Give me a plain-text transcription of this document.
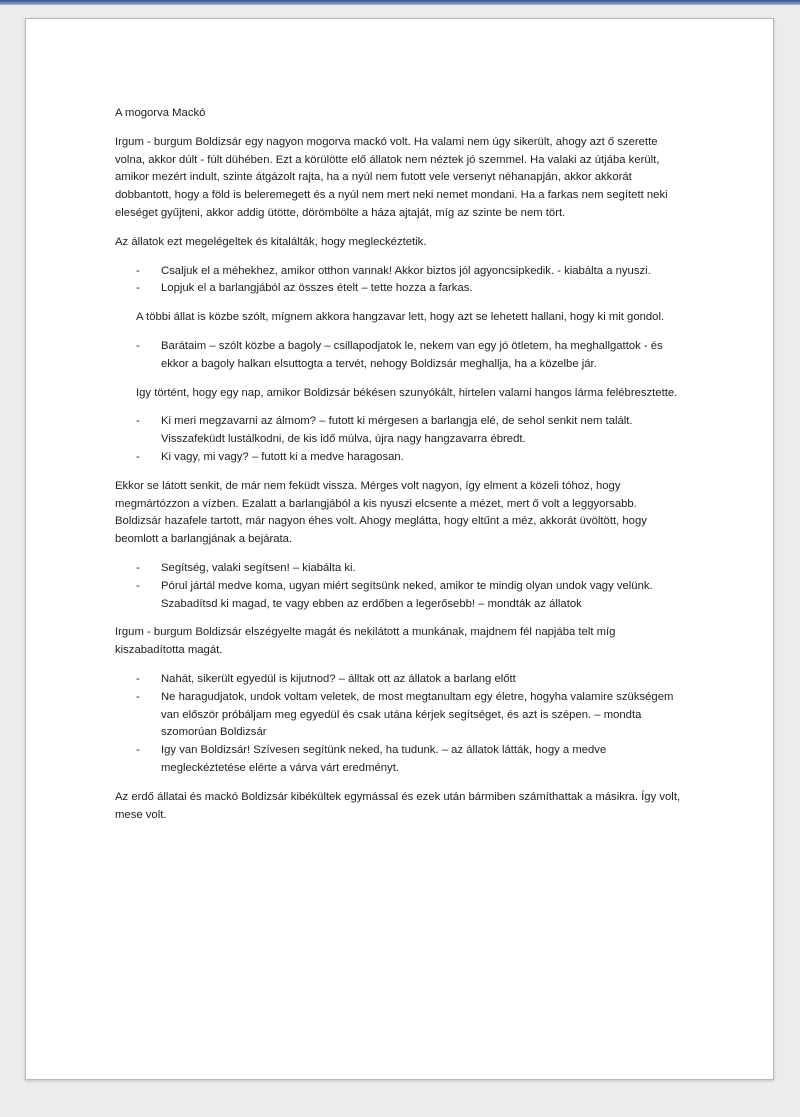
A mogorva Mackó

Irgum - burgum Boldizsár egy nagyon mogorva mackó volt. Ha valami nem úgy sikerült, ahogy azt ő szerette volna, akkor dúlt - fúlt dühében. Ezt a körülötte elő állatok nem néztek jó szemmel. Ha valaki az útjába került, amikor mezért indult, szinte átgázolt rajta, ha a nyúl nem futott vele versenyt néhanapján, akkor akkorát dobbantott, hogy a föld is beleremegett és a nyúl nem mert neki nemet mondani. Ha a farkas nem segített neki eleséget gyűjteni, akkor addig ütötte, dörömbölte a háza ajtaját, míg az szinte be nem tört.

Az állatok ezt megelégeltek és kitalálták, hogy megleckéztetik.

- Csaljuk el a méhekhez, amikor otthon vannak! Akkor biztos jól agyoncsipkedik. - kiabálta a nyuszi.
- Lopjuk el a barlangjából az összes ételt – tette hozza a farkas.

A többi állat is közbe szólt, mígnem akkora hangzavar lett, hogy azt se lehetett hallani, hogy ki mit gondol.

- Barátaim – szólt közbe a bagoly – csillapodjatok le, nekem van egy jó ötletem, ha meghallgattok - és ekkor a bagoly halkan elsuttogta a tervét, nehogy Boldizsár meghallja, ha a közelbe jár.

Igy történt, hogy egy nap, amikor Boldizsár békésen szunyókált, hirtelen valami hangos lárma felébresztette.

- Ki meri megzavarni az álmom? – futott ki mérgesen a barlangja elé, de sehol senkit nem talált. Visszafeküdt lustálkodni, de kis idő múlva, újra nagy hangzavarra ébredt.
- Ki vagy, mi vagy? – futott ki a medve haragosan.

Ekkor se látott senkit, de már nem feküdt vissza. Mérges volt nagyon, így elment a közeli tóhoz, hogy megmártózzon a vízben. Ezalatt a barlangjából a kis nyuszi elcsente a mézet, mert ő volt a leggyorsabb. Boldizsár hazafele tartott, már nagyon éhes volt. Ahogy meglátta, hogy eltűnt a méz, akkorát üvöltött, hogy beomlott a barlangjának a bejárata.

- Segítség, valaki segítsen! – kiabálta ki.
- Pórul jártál medve koma, ugyan miért segítsünk neked, amikor te mindig olyan undok vagy velünk. Szabadítsd ki magad, te vagy ebben az erdőben a legerősebb! – mondták az állatok

Irgum - burgum Boldizsár elszégyelte magát és nekilátott a munkának, majdnem fél napjába telt míg kiszabadította magát.

- Nahát, sikerült egyedül is kijutnod? – álltak ott az állatok a barlang előtt
- Ne haragudjatok, undok voltam veletek, de most megtanultam egy életre, hogyha valamire szükségem van először próbáljam meg egyedül és csak utána kérjek segítséget, és azt is szépen. – mondta szomorúan Boldizsár
- Igy van Boldizsár! Szívesen segítünk neked, ha tudunk. – az állatok látták, hogy a medve megleckéztetése elérte a várva várt eredményt.

Az erdő állatai és mackó Boldizsár kibékültek egymással és ezek után bármiben számíthattak a másikra. Így volt, mese volt.
